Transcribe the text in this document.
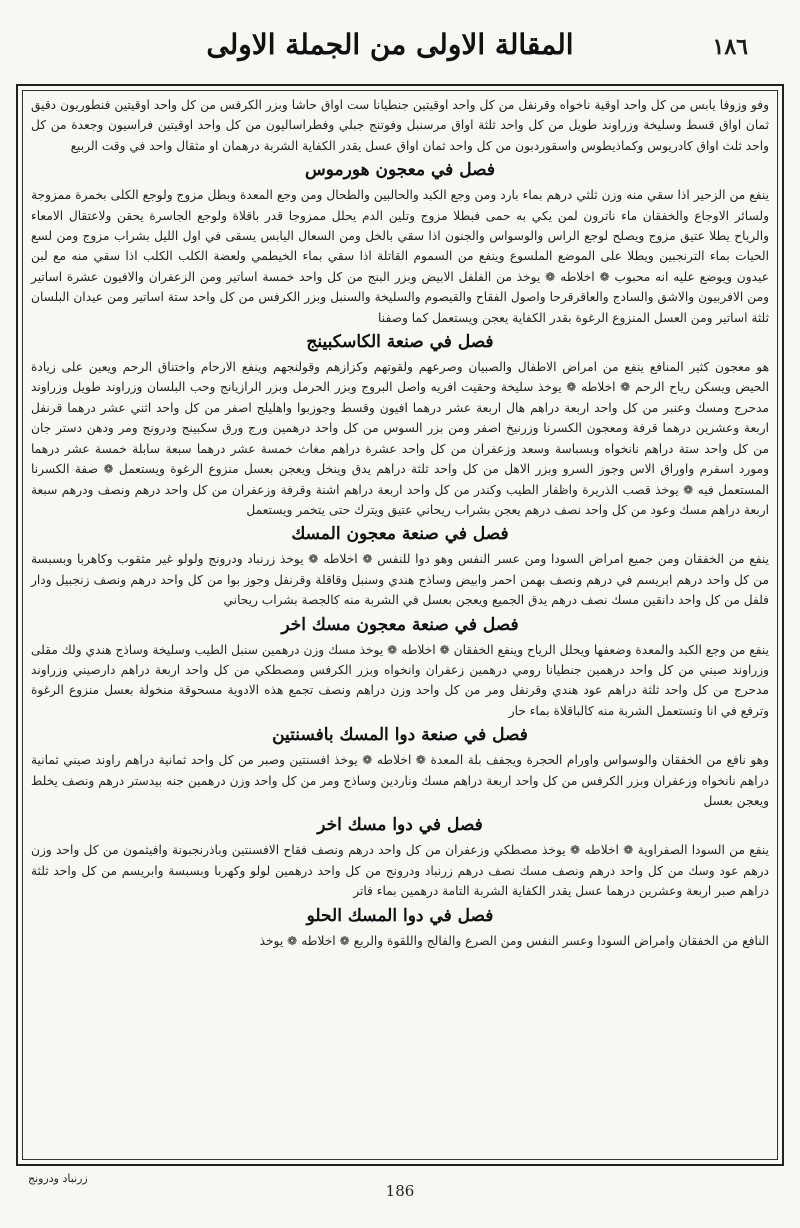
المقالة الاولى من الجملة الاولى	١٨٦

وفو وزوفا يابس من كل واحد اوقية ناخواه وقرنفل من كل واحد اوقيتين جنطيانا ست اواق حاشا وبزر الكرفس من كل واحد اوقيتين فنطوريون دقيق ثمان اواق قسط وسليخة وزراوند طويل من كل واحد ثلثة اواق مرسنبل وفوتنج جبلي وفطراساليون من كل واحد اوقيتين فراسيون وجعدة من كل واحد ثلث اواق كادريوس وكماذيطوس واسقوردبون من كل واحد ثمان اواق عسل يقدر الكفاية الشربة درهمان او مثقال واحد في وقت الربيع

فصل في معجون هورموس

ينفع من الزحير اذا سقي منه وزن ثلثي درهم بماء بارد ومن وجع الكبد والحالبين والطحال ومن وجع المعدة وبطل مزوج ولوجع الكلى بخمرة ممزوجة ولسائر الاوجاع والخفقان ماء ناترون لمن يكي به حمى فبطلا مزوج وتلين الدم يحلل ممزوجا قدر باقلاة ولوجع الجاسرة يحقن ولاعتقال الامعاء والرياح يطلا عتيق مزوج ويصلح لوجع الراس والوسواس والجنون اذا سقي بالخل ومن السعال اليابس يسقى في اول الليل بشراب مزوج ومن لسع الحيات بماء الترنجبين ويطلا على الموضع الملسوع وينفع من السموم القاتلة اذا سقي بماء الخيطمي ولعضة الكلب الكلب اذا سقي منه مع لبن عيدون ويوضع عليه انه محبوب ❁ اخلاطه ❁ يوخذ من الفلفل الابيض وبزر البنج من كل واحد خمسة اساتير ومن الزعفران والافيون عشرة اساتير ومن الافربيون والاشق والسادج والعاقرقرحا واصول الفقاح والقيصوم والسليخة والسنبل وبزر الكرفس من كل واحد ستة اساتير ومن عيدان البلسان ثلثة اساتير ومن العسل المنزوع الرغوة بقدر الكفاية يعجن ويستعمل كما وصفنا

فصل في صنعة الكاسكبينج

هو معجون كثير المنافع ينفع من امراض الاطفال والصبيان وصرعهم ولقوتهم وكزازهم وقولنجهم وينفع الارحام واختناق الرحم ويعين على زيادة الحيض ويسكن رياح الرحم ❁ اخلاطه ❁ يوخذ سليخة وحقيت افريه واصل البروج وبزر الحرمل وبزر الرازيانج وحب البلسان وزراوند طويل وزراوند مدحرج ومسك وعنبر من كل واحد اربعة دراهم هال اربعة عشر درهما افيون وقسط وجوزبوا واهليلج اصفر من كل واحد اثني عشر درهما قرنفل اربعة وعشرين درهما قرفة ومعجون الكسرنا وزرنيخ اصفر ومن بزر السوس من كل واحد درهمين ورج ورق سكبينج ودرونج ومر ودهن دستر جان من كل واحد ستة دراهم نانخواه وبسباسة وسعد وزعفران من كل واحد عشرة دراهم مغاث خمسة عشر درهما سبعة سابلة خمسة عشر درهما ومورد اسفرم واوراق الاس وجوز السرو وبزر الاهل من كل واحد ثلثة دراهم يدق وينخل ويعجن بعسل منزوع الرغوة ويستعمل ❁ صفة الكسرنا المستعمل فيه ❁ يوخذ قصب الذريرة واظفار الطيب وكندر من كل واحد اربعة دراهم اشنة وقرفة وزعفران من كل واحد درهم ونصف ودرهم سبعة اربعة دراهم مسك وعود من كل واحد نصف درهم يعجن بشراب ريحاني عتيق ويترك حتى يتخمر ويستعمل

فصل في صنعة معجون المسك

ينفع من الخفقان ومن جميع امراض السودا ومن عسر النفس وهو دوا للنفس ❁ اخلاطه ❁ يوخذ زرنباد ودرونج ولولو غير مثقوب وكاهربا وبسبسة من كل واحد درهم ابريسم في درهم ونصف بهمن احمر وابيض وساذج هندي وسنبل وقاقلة وقرنفل وجوز بوا من كل واحد درهم ونصف زنجبيل ودار فلفل من كل واحد دانقين مسك نصف درهم يدق الجميع ويعجن بعسل في الشربة منه كالجصة بشراب ريحاني

فصل في صنعة معجون مسك اخر

ينفع من وجع الكبد والمعدة وضعفها ويحلل الرياح وينفع الخفقان ❁ اخلاطه ❁ يوخذ مسك وزن درهمين سنبل الطيب وسليخة وساذج هندي ولك مقلى وزراوند صيني من كل واحد درهمين جنطيانا رومي درهمين زعفران وانخواه وبزر الكرفس ومصطكي من كل واحد اربعة دراهم دارصيني وزراوند مدحرج من كل واحد ثلثة دراهم عود هندي وقرنفل ومر من كل واحد وزن دراهم ونصف تجمع هذه الادوية مسحوقة منخولة بعسل منزوع الرغوة وترفع في انا وتستعمل الشربة منه كالباقلاة بماء حار

فصل في صنعة دوا المسك بافسنتين

وهو نافع من الخفقان والوسواس واورام الحجرة ويجفف بلة المعدة ❁ اخلاطه ❁ يوخذ افسنتين وصبر من كل واحد ثمانية دراهم راوند صيني ثمانية دراهم نانخواه وزعفران وبزر الكرفس من كل واحد اربعة دراهم مسك وناردين وساذج ومر من كل واحد وزن درهمين جنه بيدستر درهم ونصف يخلط ويعجن بعسل

فصل في دوا مسك اخر

ينفع من السودا الصفراوية ❁ اخلاطه ❁ يوخذ مصطكي وزعفران من كل واحد درهم ونصف فقاح الافسنتين وباذرنجبونة وافيثمون من كل واحد وزن درهم عود وسك من كل واحد درهم ونصف مسك نصف درهم زرنباد ودرونج من كل واحد درهمين لولو وكهربا وبسبسة وابريسم من كل واحد ثلثة دراهم صبر اربعة وعشرين درهما عسل يقدر الكفاية الشربة التامة درهمين بماء فاتر

فصل في دوا المسك الحلو

النافع من الخفقان وامراض السودا وعسر النفس ومن الصرع والفالج واللقوة والربع ❁ اخلاطه ❁ يوخذ

زرنباد ودرونج
186
